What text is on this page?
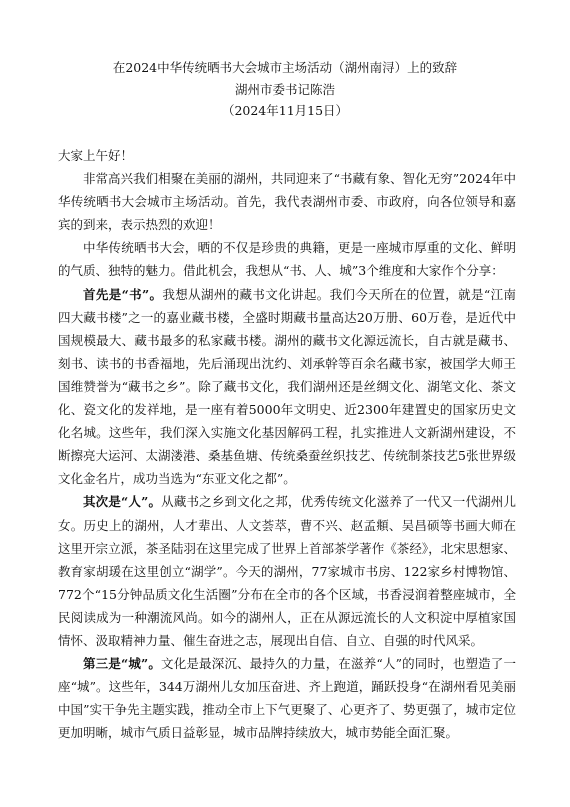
在2024中华传统晒书大会城市主场活动（湖州南浔）上的致辞
湖州市委书记陈浩
（2024年11月15日）

大家上午好！

非常高兴我们相聚在美丽的湖州，共同迎来了“书藏有象、智化无穷”2024年中华传统晒书大会城市主场活动。首先，我代表湖州市委、市政府，向各位领导和嘉宾的到来，表示热烈的欢迎！

中华传统晒书大会，晒的不仅是珍贵的典籍，更是一座城市厚重的文化、鲜明的气质、独特的魅力。借此机会，我想从“书、人、城”3个维度和大家作个分享：

首先是“书”。我想从湖州的藏书文化讲起。我们今天所在的位置，就是“江南四大藏书楼”之一的嘉业藏书楼，全盛时期藏书量高达20万册、60万卷，是近代中国规模最大、藏书最多的私家藏书楼。湖州的藏书文化源远流长，自古就是藏书、刻书、读书的书香福地，先后涌现出沈约、刘承幹等百余名藏书家，被国学大师王国维赞誉为“藏书之乡”。除了藏书文化，我们湖州还是丝绸文化、湖笔文化、茶文化、瓷文化的发祥地，是一座有着5000年文明史、近2300年建置史的国家历史文化名城。这些年，我们深入实施文化基因解码工程，扎实推进人文新湖州建设，不断擦亮大运河、太湖溇港、桑基鱼塘、传统桑蚕丝织技艺、传统制茶技艺5张世界级文化金名片，成功当选为“东亚文化之都”。

其次是“人”。从藏书之乡到文化之邦，优秀传统文化滋养了一代又一代湖州儿女。历史上的湖州，人才辈出、人文荟萃，曹不兴、赵孟頫、吴昌硕等书画大师在这里开宗立派，茶圣陆羽在这里完成了世界上首部茶学著作《茶经》，北宋思想家、教育家胡瑗在这里创立“湖学”。今天的湖州，77家城市书房、122家乡村博物馆、772个“15分钟品质文化生活圈”分布在全市的各个区域，书香浸润着整座城市，全民阅读成为一种潮流风尚。如今的湖州人，正在从源远流长的人文积淀中厚植家国情怀、汲取精神力量、催生奋进之志，展现出自信、自立、自强的时代风采。

第三是“城”。文化是最深沉、最持久的力量，在滋养“人”的同时，也塑造了一座“城”。这些年，344万湖州儿女加压奋进、齐上跑道，踊跃投身“在湖州看见美丽中国”实干争先主题实践，推动全市上下气更聚了、心更齐了、势更强了，城市定位更加明晰，城市气质日益彰显，城市品牌持续放大，城市势能全面汇聚。
